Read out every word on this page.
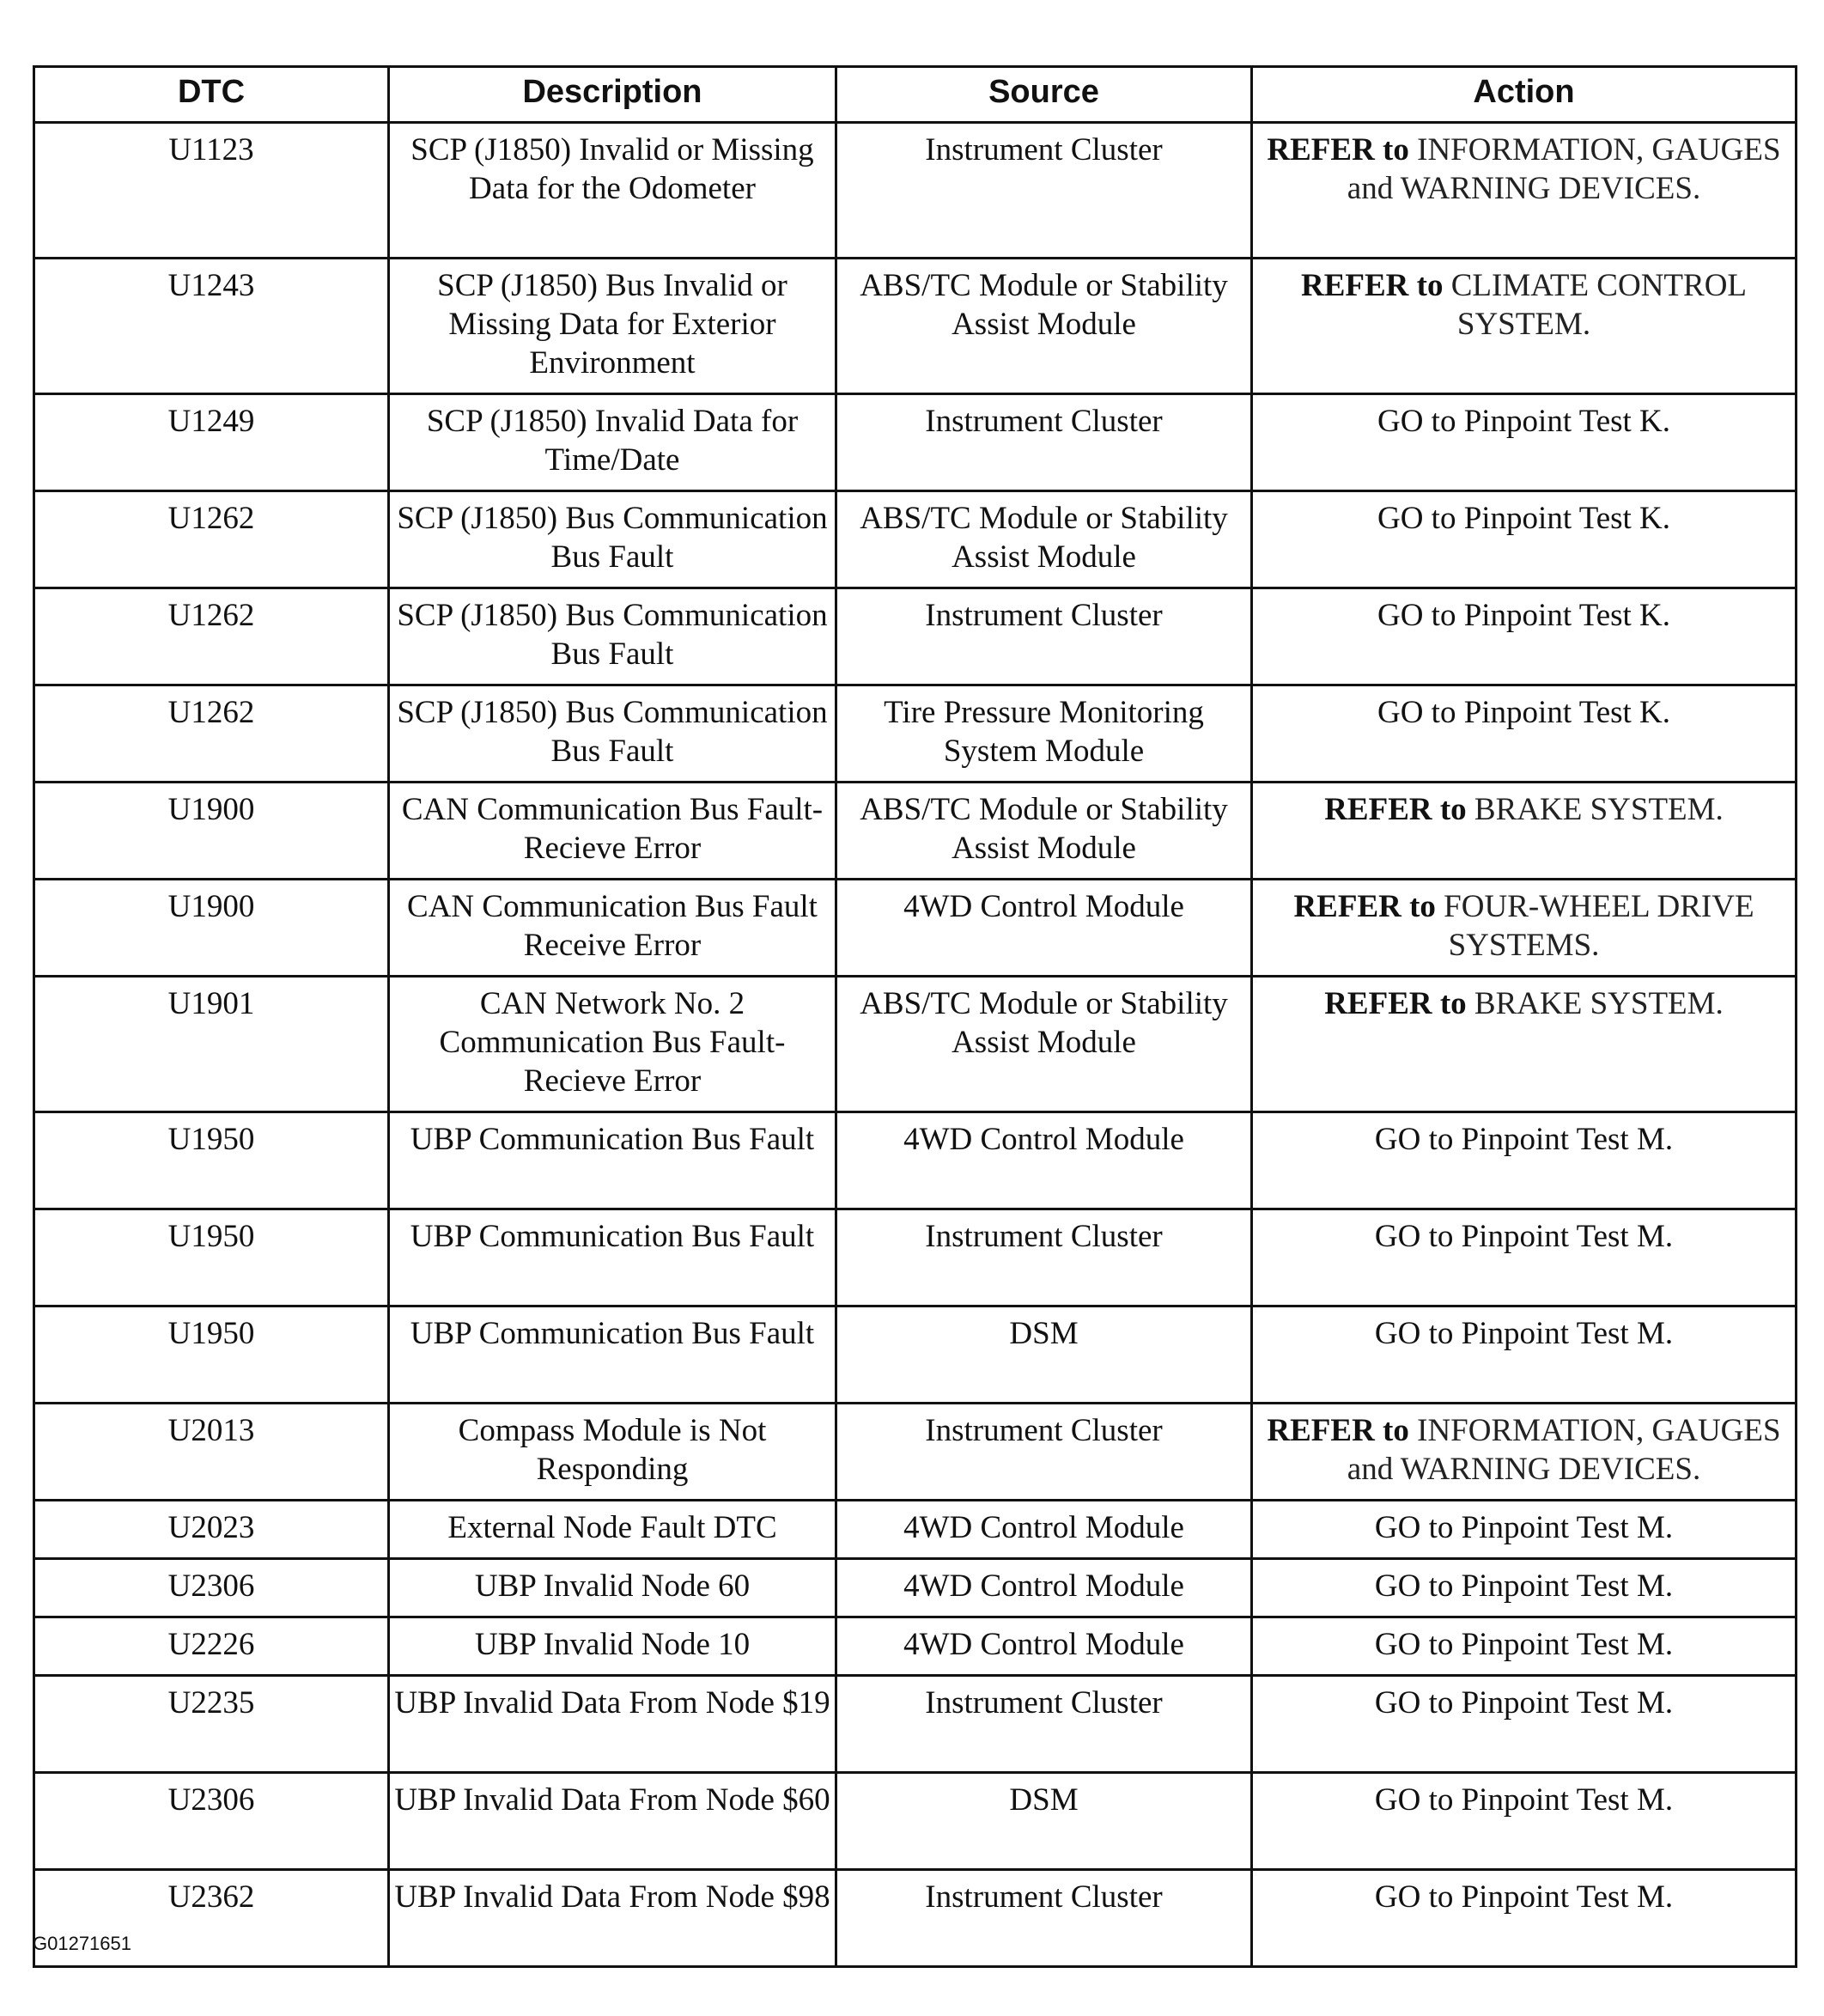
DTC	Description	Source	Action
U1123	SCP (J1850) Invalid or Missing Data for the Odometer	Instrument Cluster	REFER to INFORMATION, GAUGES and WARNING DEVICES.
U1243	SCP (J1850) Bus Invalid or Missing Data for Exterior Environment	ABS/TC Module or Stability Assist Module	REFER to CLIMATE CONTROL SYSTEM.
U1249	SCP (J1850) Invalid Data for Time/Date	Instrument Cluster	GO to Pinpoint Test K.
U1262	SCP (J1850) Bus Communication Bus Fault	ABS/TC Module or Stability Assist Module	GO to Pinpoint Test K.
U1262	SCP (J1850) Bus Communication Bus Fault	Instrument Cluster	GO to Pinpoint Test K.
U1262	SCP (J1850) Bus Communication Bus Fault	Tire Pressure Monitoring System Module	GO to Pinpoint Test K.
U1900	CAN Communication Bus Fault-Recieve Error	ABS/TC Module or Stability Assist Module	REFER to BRAKE SYSTEM.
U1900	CAN Communication Bus Fault Receive Error	4WD Control Module	REFER to FOUR-WHEEL DRIVE SYSTEMS.
U1901	CAN Network No. 2 Communication Bus Fault-Recieve Error	ABS/TC Module or Stability Assist Module	REFER to BRAKE SYSTEM.
U1950	UBP Communication Bus Fault	4WD Control Module	GO to Pinpoint Test M.
U1950	UBP Communication Bus Fault	Instrument Cluster	GO to Pinpoint Test M.
U1950	UBP Communication Bus Fault	DSM	GO to Pinpoint Test M.
U2013	Compass Module is Not Responding	Instrument Cluster	REFER to INFORMATION, GAUGES and WARNING DEVICES.
U2023	External Node Fault DTC	4WD Control Module	GO to Pinpoint Test M.
U2306	UBP Invalid Node 60	4WD Control Module	GO to Pinpoint Test M.
U2226	UBP Invalid Node 10	4WD Control Module	GO to Pinpoint Test M.
U2235	UBP Invalid Data From Node $19	Instrument Cluster	GO to Pinpoint Test M.
U2306	UBP Invalid Data From Node $60	DSM	GO to Pinpoint Test M.
U2362	UBP Invalid Data From Node $98	Instrument Cluster	GO to Pinpoint Test M.
G01271651
